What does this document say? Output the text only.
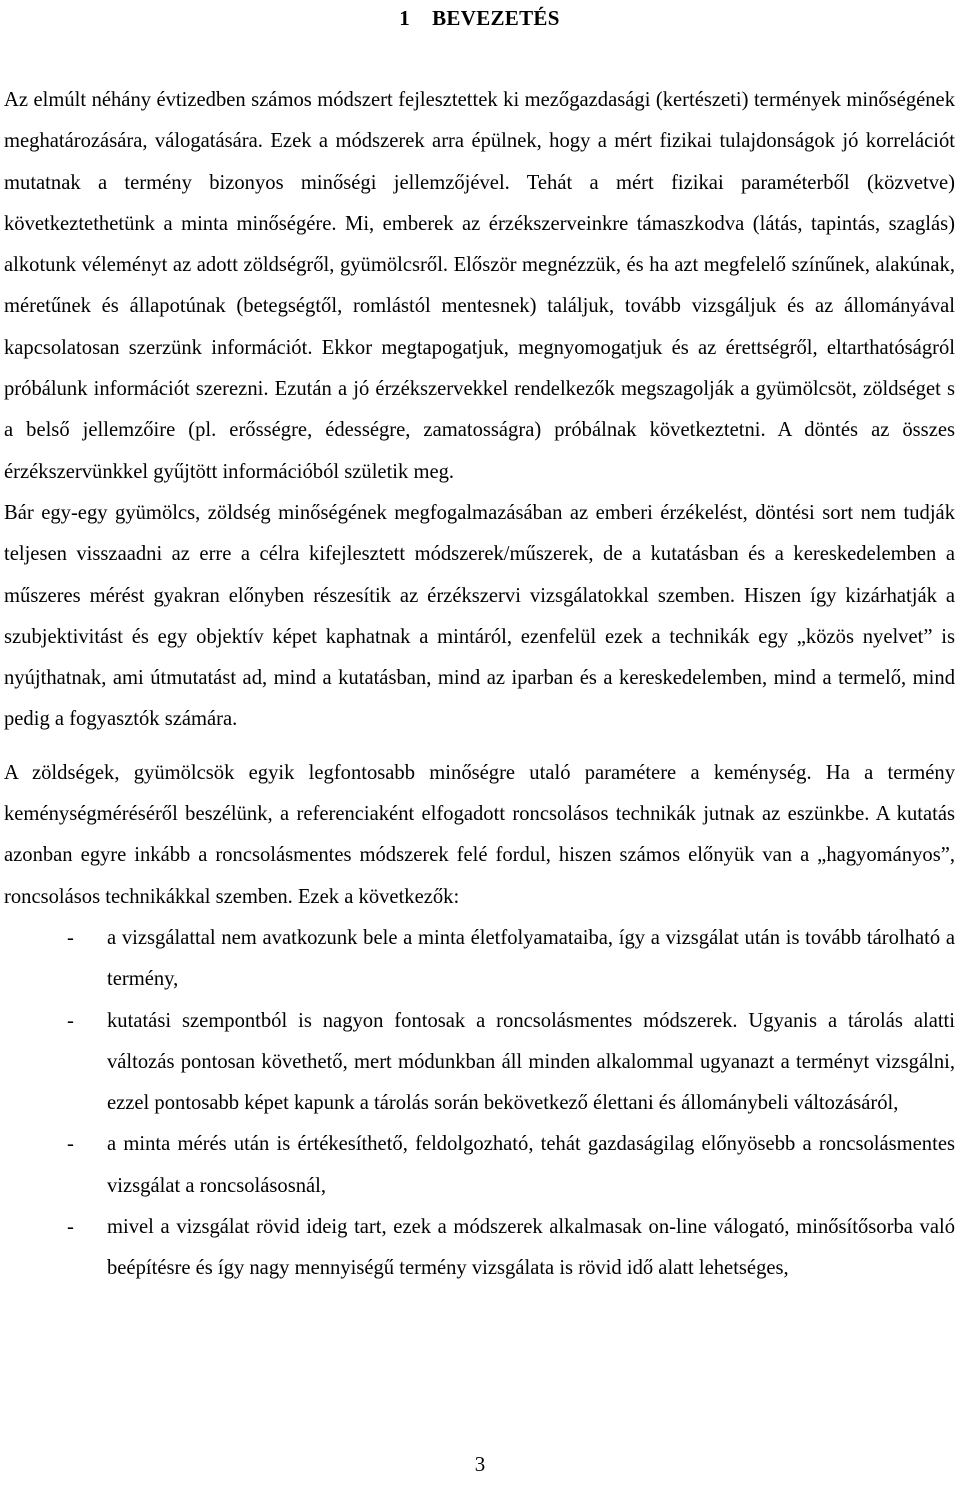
1 BEVEZETÉS

Az elmúlt néhány évtizedben számos módszert fejlesztettek ki mezőgazdasági (kertészeti) termények minőségének meghatározására, válogatására. Ezek a módszerek arra épülnek, hogy a mért fizikai tulajdonságok jó korrelációt mutatnak a termény bizonyos minőségi jellemzőjével. Tehát a mért fizikai paraméterből (közvetve) következtethetünk a minta minőségére. Mi, emberek az érzékszerveinkre támaszkodva (látás, tapintás, szaglás) alkotunk véleményt az adott zöldségről, gyümölcsről. Először megnézzük, és ha azt megfelelő színűnek, alakúnak, méretűnek és állapotúnak (betegségtől, romlástól mentesnek) találjuk, tovább vizsgáljuk és az állományával kapcsolatosan szerzünk információt. Ekkor megtapogatjuk, megnyomogatjuk és az érettségről, eltarthatóságról próbálunk információt szerezni. Ezután a jó érzékszervekkel rendelkezők megszagolják a gyümölcsöt, zöldséget s a belső jellemzőire (pl. erősségre, édességre, zamatosságra) próbálnak következtetni. A döntés az összes érzékszervünkkel gyűjtött információból születik meg.

Bár egy-egy gyümölcs, zöldség minőségének megfogalmazásában az emberi érzékelést, döntési sort nem tudják teljesen visszaadni az erre a célra kifejlesztett módszerek/műszerek, de a kutatásban és a kereskedelemben a műszeres mérést gyakran előnyben részesítik az érzékszervi vizsgálatokkal szemben. Hiszen így kizárhatják a szubjektivitást és egy objektív képet kaphatnak a mintáról, ezenfelül ezek a technikák egy „közös nyelvet” is nyújthatnak, ami útmutatást ad, mind a kutatásban, mind az iparban és a kereskedelemben, mind a termelő, mind pedig a fogyasztók számára.

A zöldségek, gyümölcsök egyik legfontosabb minőségre utaló paramétere a keménység. Ha a termény keménységméréséről beszélünk, a referenciaként elfogadott roncsolásos technikák jutnak az eszünkbe. A kutatás azonban egyre inkább a roncsolásmentes módszerek felé fordul, hiszen számos előnyük van a „hagyományos”, roncsolásos technikákkal szemben. Ezek a következők:

- a vizsgálattal nem avatkozunk bele a minta életfolyamataiba, így a vizsgálat után is tovább tárolható a termény,
- kutatási szempontból is nagyon fontosak a roncsolásmentes módszerek. Ugyanis a tárolás alatti változás pontosan követhető, mert módunkban áll minden alkalommal ugyanazt a terményt vizsgálni, ezzel pontosabb képet kapunk a tárolás során bekövetkező élettani és állománybeli változásáról,
- a minta mérés után is értékesíthető, feldolgozható, tehát gazdaságilag előnyösebb a roncsolásmentes vizsgálat a roncsolásosnál,
- mivel a vizsgálat rövid ideig tart, ezek a módszerek alkalmasak on-line válogató, minősítősorba való beépítésre és így nagy mennyiségű termény vizsgálata is rövid idő alatt lehetséges,
3
